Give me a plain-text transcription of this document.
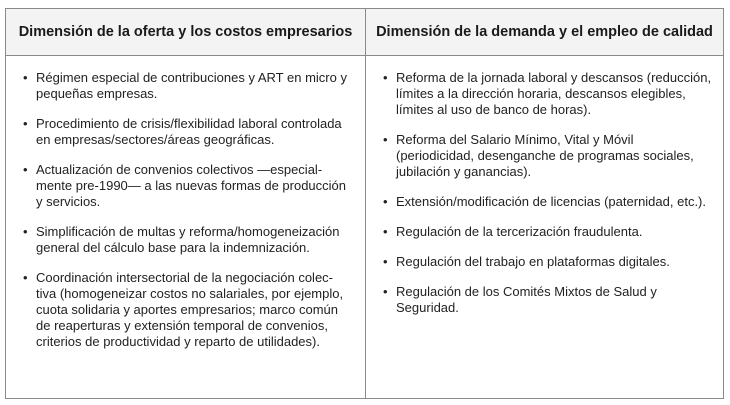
Dimensión de la oferta y los costos empresarios	Dimensión de la demanda y el empleo de calidad
• Régimen especial de contribuciones y ART en micro y pequeñas empresas.
• Procedimiento de crisis/flexibilidad laboral controlada en empresas/sectores/áreas geográficas.
• Actualización de convenios colectivos —especial-mente pre-1990— a las nuevas formas de producción y servicios.
• Simplificación de multas y reforma/homogeneización general del cálculo base para la indemnización.
• Coordinación intersectorial de la negociación colec-tiva (homogeneizar costos no salariales, por ejemplo, cuota solidaria y aportes empresarios; marco común de reaperturas y extensión temporal de convenios, criterios de productividad y reparto de utilidades).
• Reforma de la jornada laboral y descansos (reducción, límites a la dirección horaria, descansos elegibles, límites al uso de banco de horas).
• Reforma del Salario Mínimo, Vital y Móvil (periodicidad, desenganche de programas sociales, jubilación y ganancias).
• Extensión/modificación de licencias (paternidad, etc.).
• Regulación de la tercerización fraudulenta.
• Regulación del trabajo en plataformas digitales.
• Regulación de los Comités Mixtos de Salud y Seguridad.
